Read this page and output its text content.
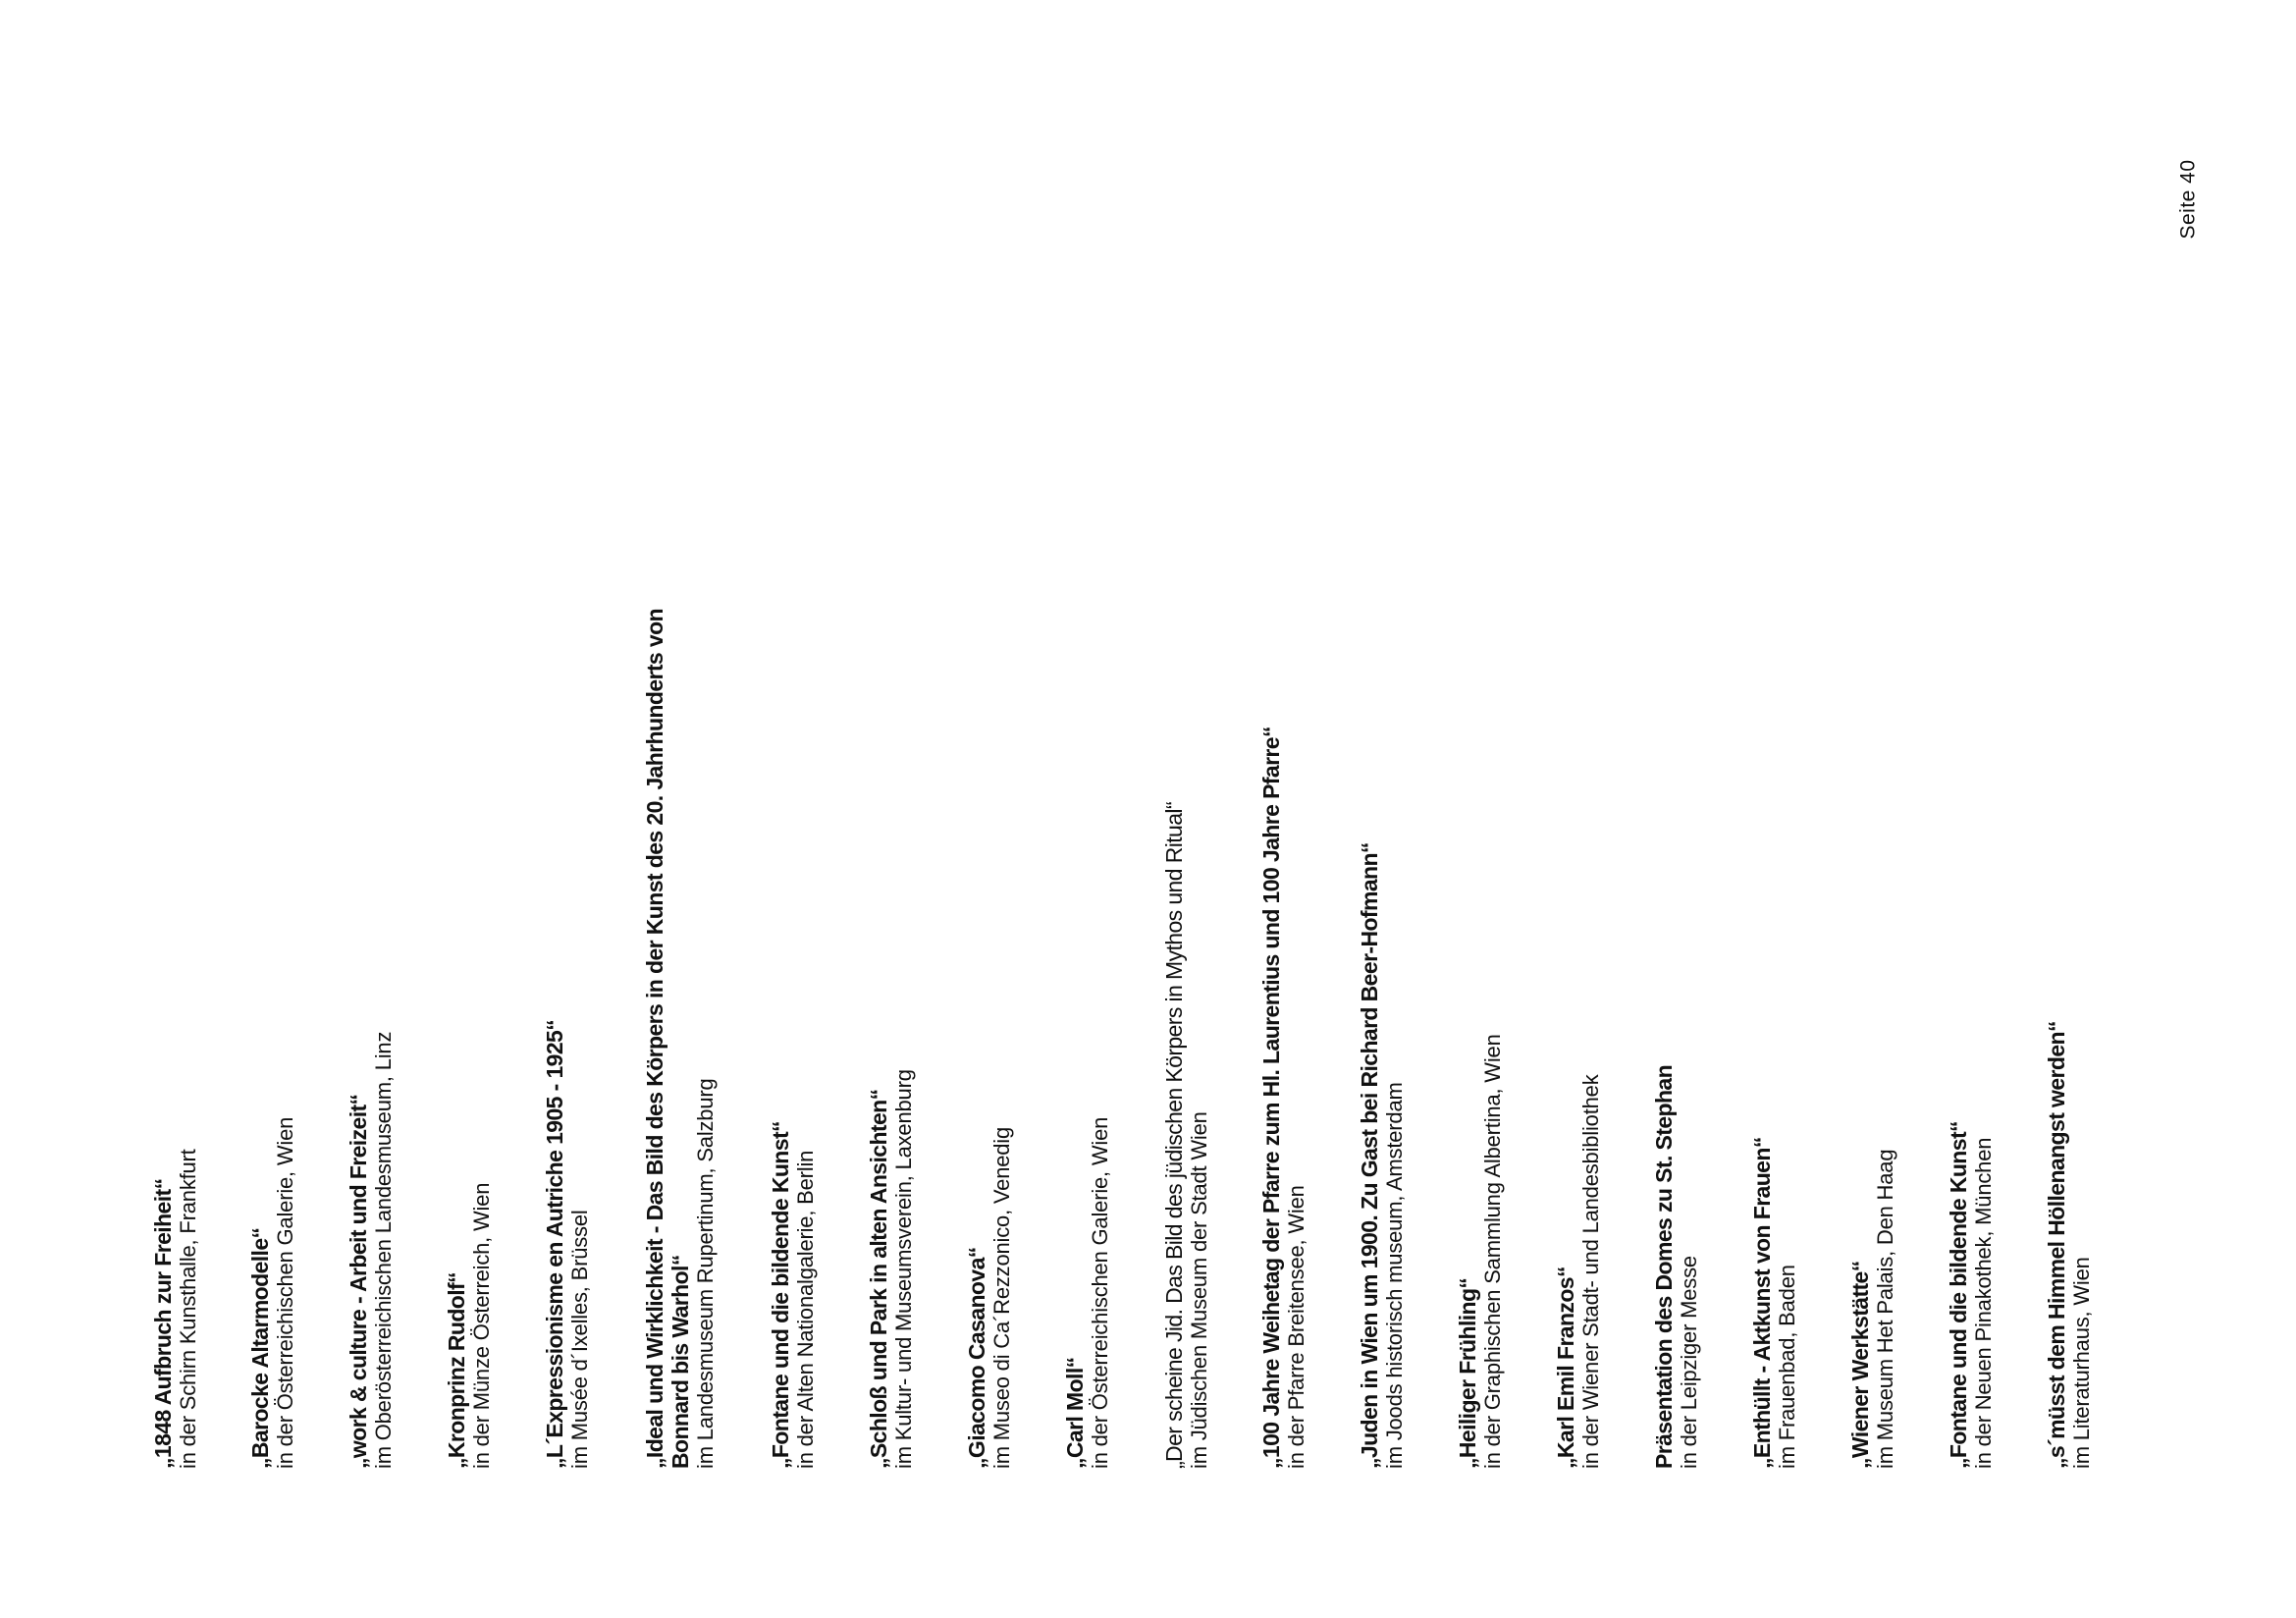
Seite 40
„1848 Aufbruch zur Freiheit“ in der Schirn Kunsthalle, Frankfurt „Barocke Altarmodelle“ in der Österreichischen Galerie, Wien „work & culture - Arbeit und Freizeit“ im Oberösterreichischen Landesmuseum, Linz „Kronprinz Rudolf“ in der Münze Österreich, Wien „L´Expressionisme en Autriche 1905 - 1925“ im Musée d´Ixelles, Brüssel „Ideal und Wirklichkeit - Das Bild des Körpers in der Kunst des 20. Jahrhunderts von Bonnard bis Warhol“ im Landesmuseum Rupertinum, Salzburg „Fontane und die bildende Kunst“ in der Alten Nationalgalerie, Berlin „Schloß und Park in alten Ansichten“ im Kultur- und Museumsverein, Laxenburg „Giacomo Casanova“ im Museo di Ca´Rezzonico, Venedig „Carl Moll“ in der Österreichischen Galerie, Wien „Der scheine Jid. Das Bild des jüdischen Körpers in Mythos und Ritual“ im Jüdischen Museum der Stadt Wien „100 Jahre Weihetag der Pfarre zum Hl. Laurentius und 100 Jahre Pfarre“ in der Pfarre Breitensee, Wien „Juden in Wien um 1900. Zu Gast bei Richard Beer-Hofmann“ im Joods historisch museum, Amsterdam „Heiliger Frühling“ in der Graphischen Sammlung Albertina, Wien „Karl Emil Franzos“ in der Wiener Stadt- und Landesbibliothek Präsentation des Domes zu St. Stephan in der Leipziger Messe „Enthüllt - Aktkunst von Frauen“ im Frauenbad, Baden „Wiener Werkstätte“ im Museum Het Palais, Den Haag „Fontane und die bildende Kunst“ in der Neuen Pinakothek, München „s´müsst dem Himmel Höllenangst werden“ im Literaturhaus, Wien
